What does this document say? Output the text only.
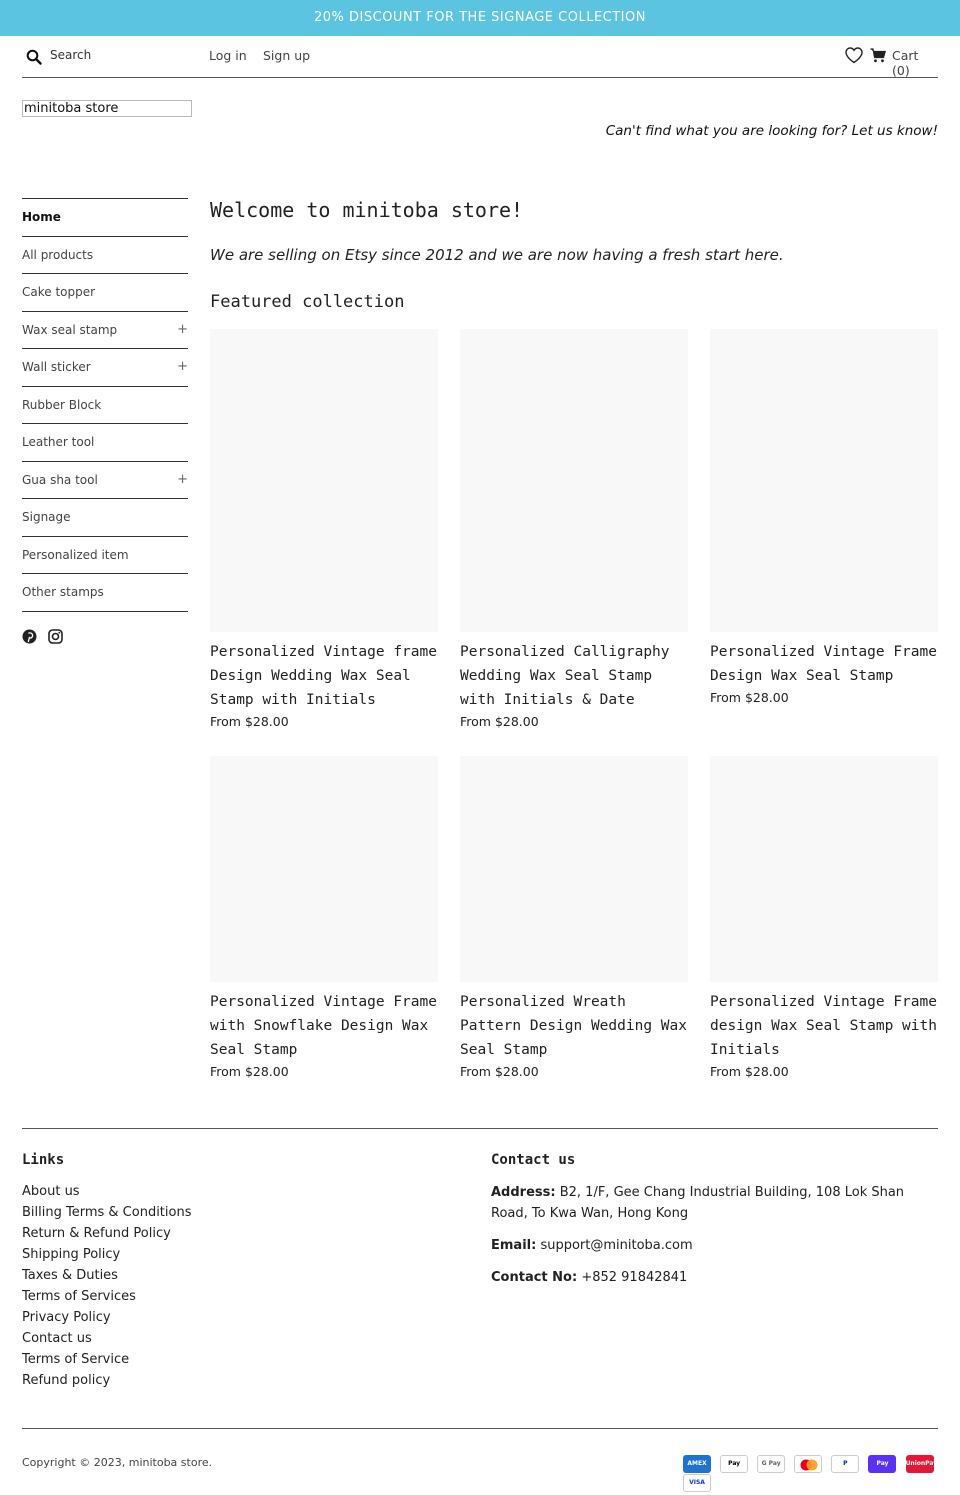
20% DISCOUNT FOR THE SIGNAGE COLLECTION
Search
Log in Sign up	Cart (0)
minitoba store
Can't find what you are looking for? Let us know!
Home
All products
Cake topper
Wax seal stamp	+
Wall sticker	+
Rubber Block
Leather tool
Gua sha tool	+
Signage
Personalized item
Other stamps

Welcome to minitoba store!

We are selling on Etsy since 2012 and we are now having a fresh start here.

Featured collection
Personalized Vintage frame Design Wedding Wax Seal Stamp with Initials
From $28.00
Personalized Calligraphy Wedding Wax Seal Stamp with Initials & Date
From $28.00
Personalized Vintage Frame Design Wax Seal Stamp
From $28.00
Personalized Vintage Frame with Snowflake Design Wax Seal Stamp
From $28.00
Personalized Wreath Pattern Design Wedding Wax Seal Stamp
From $28.00
Personalized Vintage Frame design Wax Seal Stamp with Initials
From $28.00
Links
About us
Billing Terms & Conditions
Return & Refund Policy
Shipping Policy
Taxes & Duties
Terms of Services
Privacy Policy
Contact us
Terms of Service
Refund policy
Contact us

Address: B2, 1/F, Gee Chang Industrial Building, 108 Lok Shan Road, To Kwa Wan, Hong Kong

Email: support@minitoba.com

Contact No: +852 91842841

Copyright © 2023, minitoba store.	AMEX	Pay	G Pay	P	Pay	UnionPay VISA
